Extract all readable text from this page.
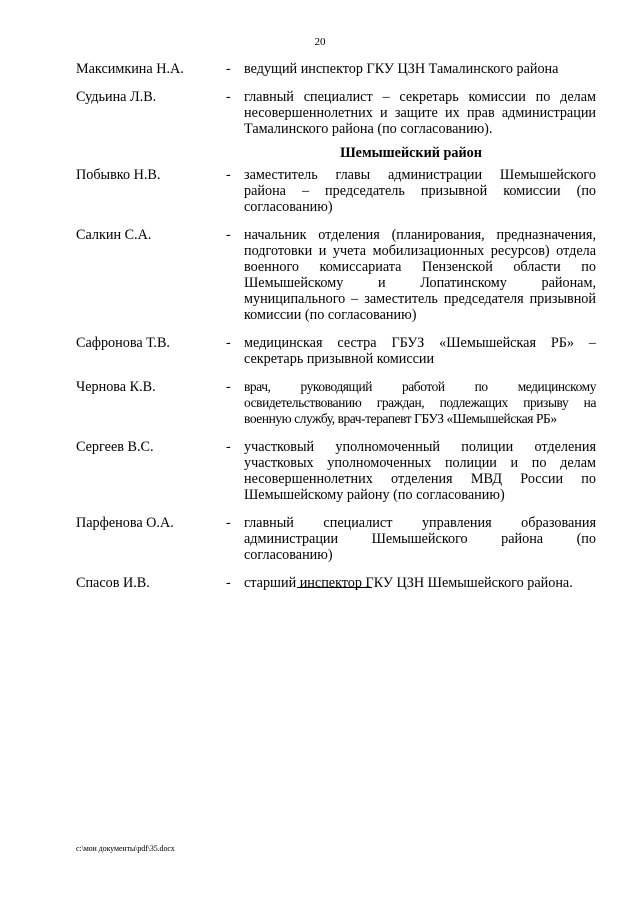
20
Максимкина Н.А.	- ведущий инспектор ГКУ ЦЗН Тамалинского района
Судьина Л.В.	- главный специалист – секретарь комиссии по делам несовершеннолетних и защите их прав администрации Тамалинского района (по согласованию).
Шемышейский район
Побывко Н.В.	- заместитель главы администрации Шемышейского района – председатель призывной комиссии (по согласованию)
Салкин С.А.	- начальник отделения (планирования, предназначения, подготовки и учета мобилизационных ресурсов) отдела военного комиссариата Пензенской области по Шемышейскому и Лопатинскому районам, муниципального – заместитель председателя призывной комиссии (по согласованию)
Сафронова Т.В.	- медицинская сестра ГБУЗ «Шемышейская РБ» – секретарь призывной комиссии
Чернова К.В.	- врач, руководящий работой по медицинскому освидетельствованию граждан, подлежащих призыву на военную службу, врач-терапевт ГБУЗ «Шемышейская РБ»
Сергеев В.С.	- участковый уполномоченный полиции отделения участковых уполномоченных полиции и по делам несовершеннолетних отделения МВД России по Шемышейскому району (по согласованию)
Парфенова О.А.	- главный специалист управления образования администрации Шемышейского района (по согласованию)
Спасов И.В.	- старший инспектор ГКУ ЦЗН Шемышейского района.
c:\мои документы\pdf\35.docx
